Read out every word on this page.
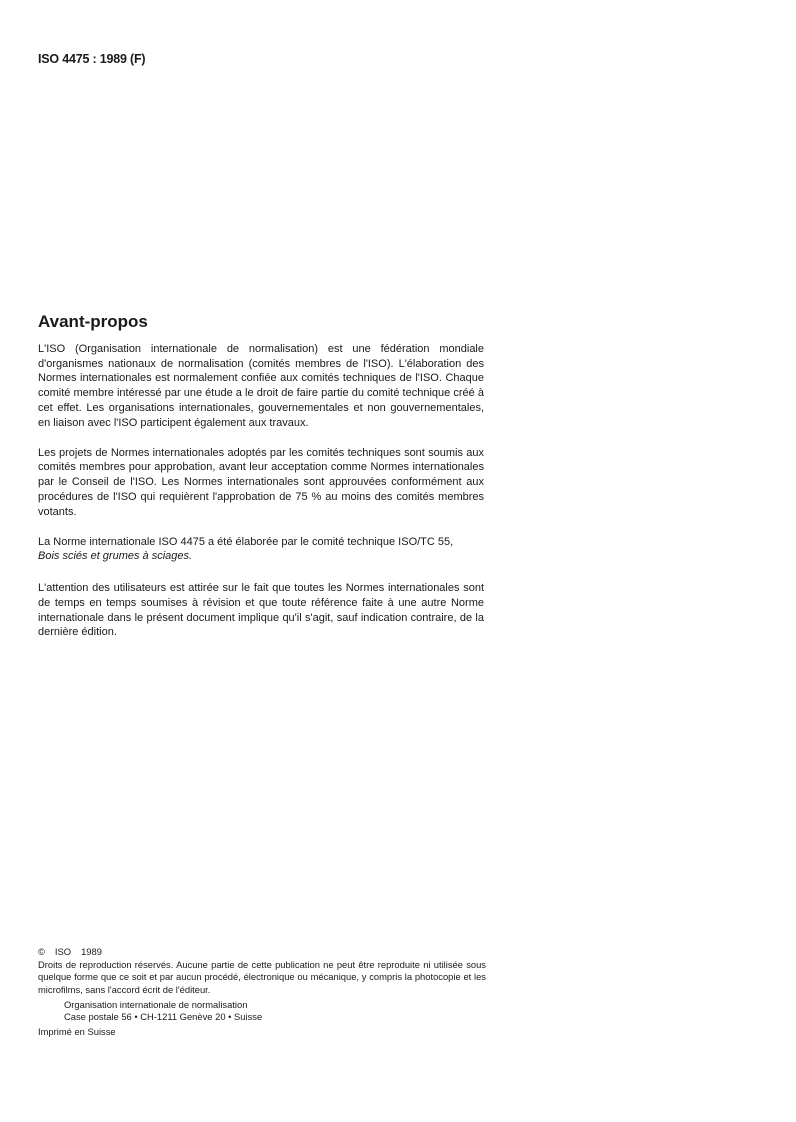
ISO 4475 : 1989 (F)
Avant-propos

L'ISO (Organisation internationale de normalisation) est une fédération mondiale d'organismes nationaux de normalisation (comités membres de l'ISO). L'élaboration des Normes internationales est normalement confiée aux comités techniques de l'ISO. Chaque comité membre intéressé par une étude a le droit de faire partie du comité technique créé à cet effet. Les organisations internationales, gouvernementales et non gouvernementales, en liaison avec l'ISO participent également aux travaux.

Les projets de Normes internationales adoptés par les comités techniques sont soumis aux comités membres pour approbation, avant leur acceptation comme Normes internationales par le Conseil de l'ISO. Les Normes internationales sont approuvées conformément aux procédures de l'ISO qui requièrent l'approbation de 75 % au moins des comités membres votants.

La Norme internationale ISO 4475 a été élaborée par le comité technique ISO/TC 55,
Bois sciés et grumes à sciages.

L'attention des utilisateurs est attirée sur le fait que toutes les Normes internationales sont de temps en temps soumises à révision et que toute référence faite à une autre Norme internationale dans le présent document implique qu'il s'agit, sauf indication contraire, de la dernière édition.

© ISO 1989
Droits de reproduction réservés. Aucune partie de cette publication ne peut être reproduite ni utilisée sous quelque forme que ce soit et par aucun procédé, électronique ou mécanique, y compris la photocopie et les microfilms, sans l'accord écrit de l'éditeur.
Organisation internationale de normalisation
Case postale 56 • CH-1211 Genève 20 • Suisse
Imprimé en Suisse
